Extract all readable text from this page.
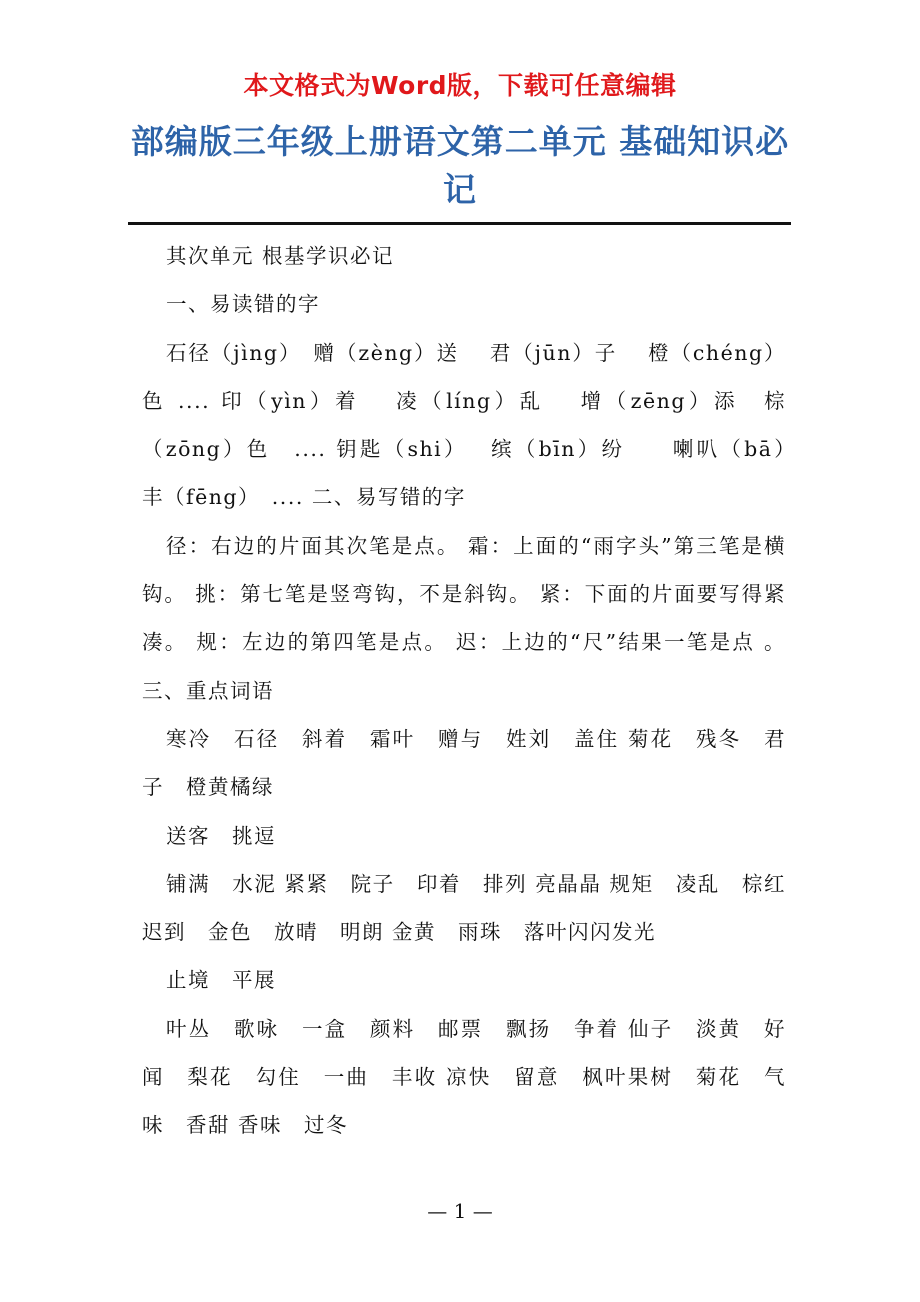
本文格式为Word版，下载可任意编辑
部编版三年级上册语文第二单元 基础知识必记

其次单元 根基学识必记

一、易读错的字

石径（jìng）　赠（zèng）送　 君（jūn）子　 橙（chéng）色 .... 印（yìn）着　 凌（líng）乱　 增（zēng）添　棕（zōng）色　.... 钥匙（shi）　 缤（bīn）纷　　喇叭（bā）　　丰（fēng）　.... 二、易写错的字

径：右边的片面其次笔是点。 霜：上面的“雨字头”第三笔是横钩。 挑：第七笔是竖弯钩，不是斜钩。 紧：下面的片面要写得紧凑。 规：左边的第四笔是点。 迟：上边的“尺”结果一笔是点 。 三、重点词语

寒冷　石径　斜着　霜叶　赠与　姓刘　盖住 菊花　残冬　君子　橙黄橘绿

送客　挑逗

铺满　水泥 紧紧　院子　印着　排列 亮晶晶 规矩　凌乱　棕红　迟到　金色　放晴　明朗 金黄　雨珠　落叶闪闪发光

止境　平展

叶丛　歌咏　一盒　颜料　邮票　飘扬　争着 仙子　淡黄　好闻　梨花　勾住　一曲　丰收 凉快　留意　枫叶果树　菊花　气味　香甜 香味　过冬

— 1 —
